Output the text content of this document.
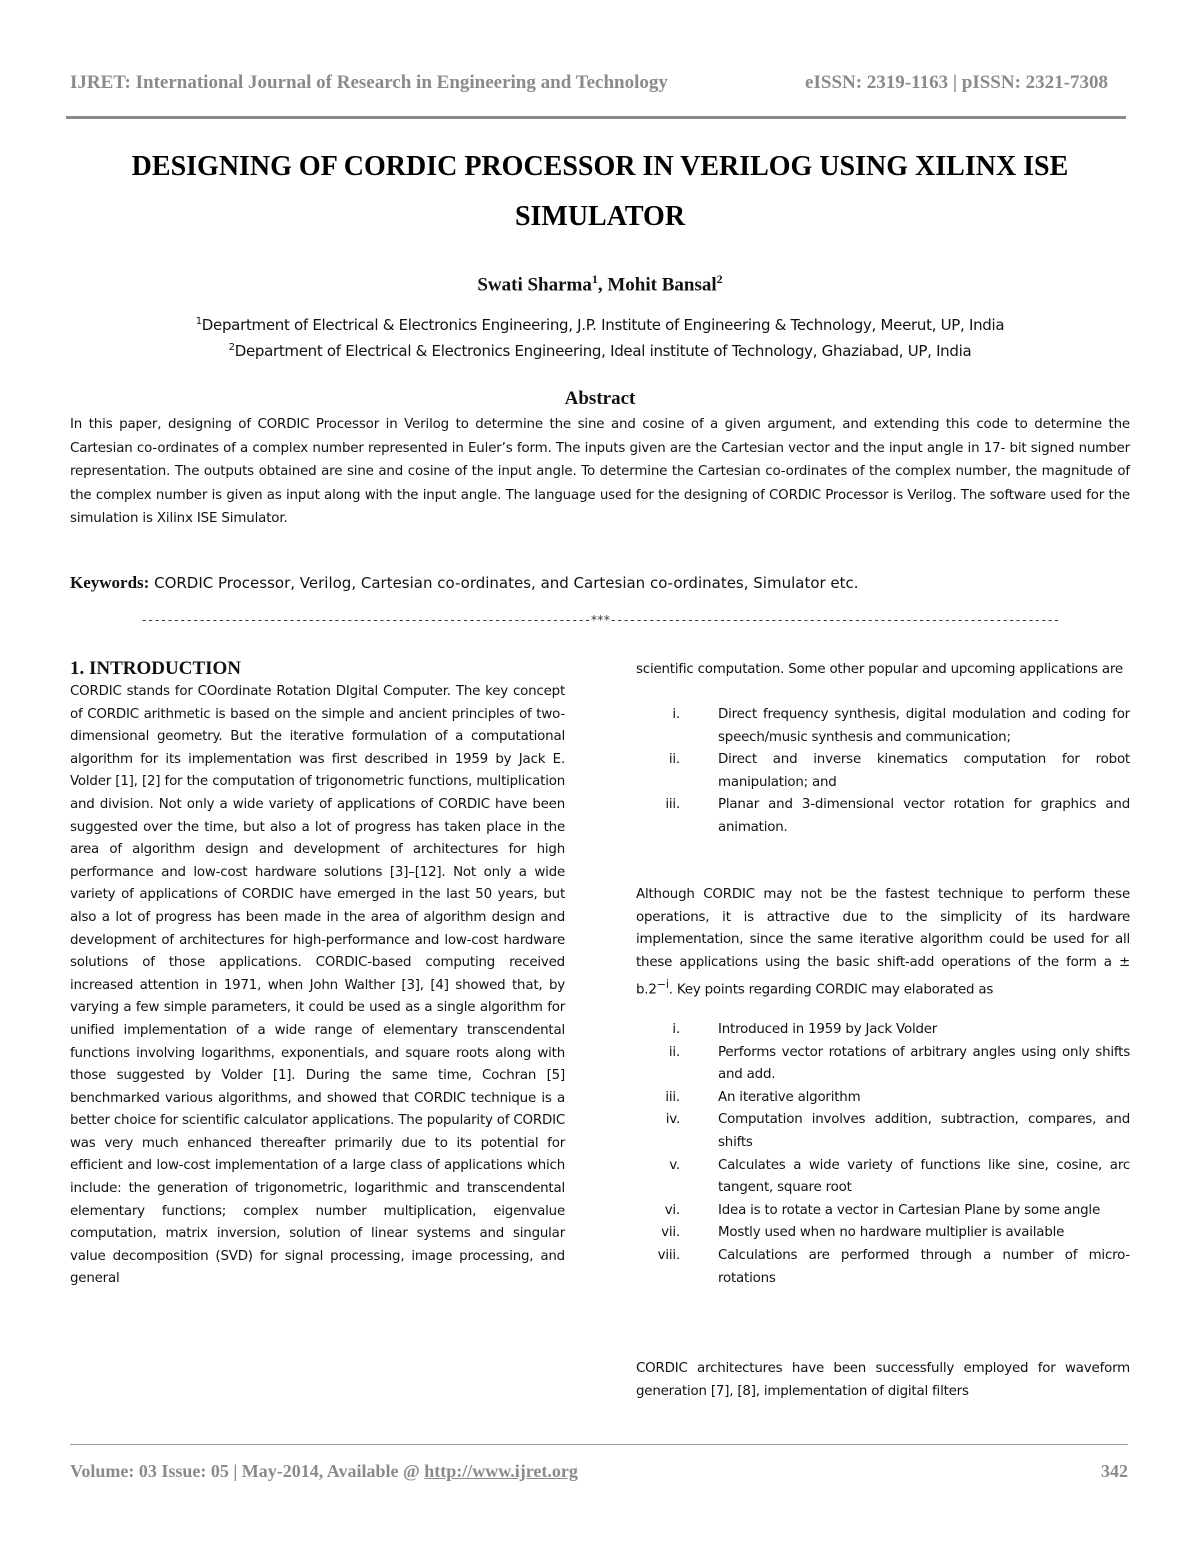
IJRET: International Journal of Research in Engineering and Technology	eISSN: 2319-1163 | pISSN: 2321-7308
DESIGNING OF CORDIC PROCESSOR IN VERILOG USING XILINX ISE
SIMULATOR
Swati Sharma$^1$, Mohit Bansal$^2$
$^1$Department of Electrical & Electronics Engineering, J.P. Institute of Engineering & Technology, Meerut, UP, India
$^2$Department of Electrical & Electronics Engineering, Ideal institute of Technology, Ghaziabad, UP, India
Abstract
In this paper, designing of CORDIC Processor in Verilog to determine the sine and cosine of a given argument, and extending this code to determine the Cartesian co-ordinates of a complex number represented in Euler’s form. The inputs given are the Cartesian vector and the input angle in 17- bit signed number representation. The outputs obtained are sine and cosine of the input angle. To determine the Cartesian co-ordinates of the complex number, the magnitude of the complex number is given as input along with the input angle. The language used for the designing of CORDIC Processor is Verilog. The software used for the simulation is Xilinx ISE Simulator.
Keywords: CORDIC Processor, Verilog, Cartesian co-ordinates, and Cartesian co-ordinates, Simulator etc.
----------------------------------------------------------------------***----------------------------------------------------------------------
1. INTRODUCTION
CORDIC stands for COordinate Rotation DIgital Computer. The key concept of CORDIC arithmetic is based on the simple and ancient principles of two-dimensional geometry. But the iterative formulation of a computational algorithm for its implementation was first described in 1959 by Jack E. Volder [1], [2] for the computation of trigonometric functions, multiplication and division. Not only a wide variety of applications of CORDIC have been suggested over the time, but also a lot of progress has taken place in the area of algorithm design and development of architectures for high performance and low-cost hardware solutions [3]–[12]. Not only a wide variety of applications of CORDIC have emerged in the last 50 years, but also a lot of progress has been made in the area of algorithm design and development of architectures for high-performance and low-cost hardware solutions of those applications. CORDIC-based computing received increased attention in 1971, when John Walther [3], [4] showed that, by varying a few simple parameters, it could be used as a single algorithm for unified implementation of a wide range of elementary transcendental functions involving logarithms, exponentials, and square roots along with those suggested by Volder [1]. During the same time, Cochran [5] benchmarked various algorithms, and showed that CORDIC technique is a better choice for scientific calculator applications. The popularity of CORDIC was very much enhanced thereafter primarily due to its potential for efficient and low-cost implementation of a large class of applications which include: the generation of trigonometric, logarithmic and transcendental elementary functions; complex number multiplication, eigenvalue computation, matrix inversion, solution of linear systems and singular value decomposition (SVD) for signal processing, image processing, and general
scientific computation. Some other popular and upcoming applications are
i.	Direct frequency synthesis, digital modulation and coding for speech/music synthesis and communication;
ii.	Direct and inverse kinematics computation for robot manipulation; and
iii.	Planar and 3-dimensional vector rotation for graphics and animation.
Although CORDIC may not be the fastest technique to perform these operations, it is attractive due to the simplicity of its hardware implementation, since the same iterative algorithm could be used for all these applications using the basic shift-add operations of the form $a \pm b.2^{-i}$. Key points regarding CORDIC may elaborated as
i.	Introduced in 1959 by Jack Volder
ii.	Performs vector rotations of arbitrary angles using only shifts and add.
iii.	An iterative algorithm
iv.	Computation involves addition, subtraction, compares, and shifts
v.	Calculates a wide variety of functions like sine, cosine, arc tangent, square root
vi.	Idea is to rotate a vector in Cartesian Plane by some angle
vii.	Mostly used when no hardware multiplier is available
viii.	Calculations are performed through a number of micro-rotations
CORDIC architectures have been successfully employed for waveform generation [7], [8], implementation of digital filters
Volume: 03 Issue: 05 | May-2014, Available @ http://www.ijret.org	342
